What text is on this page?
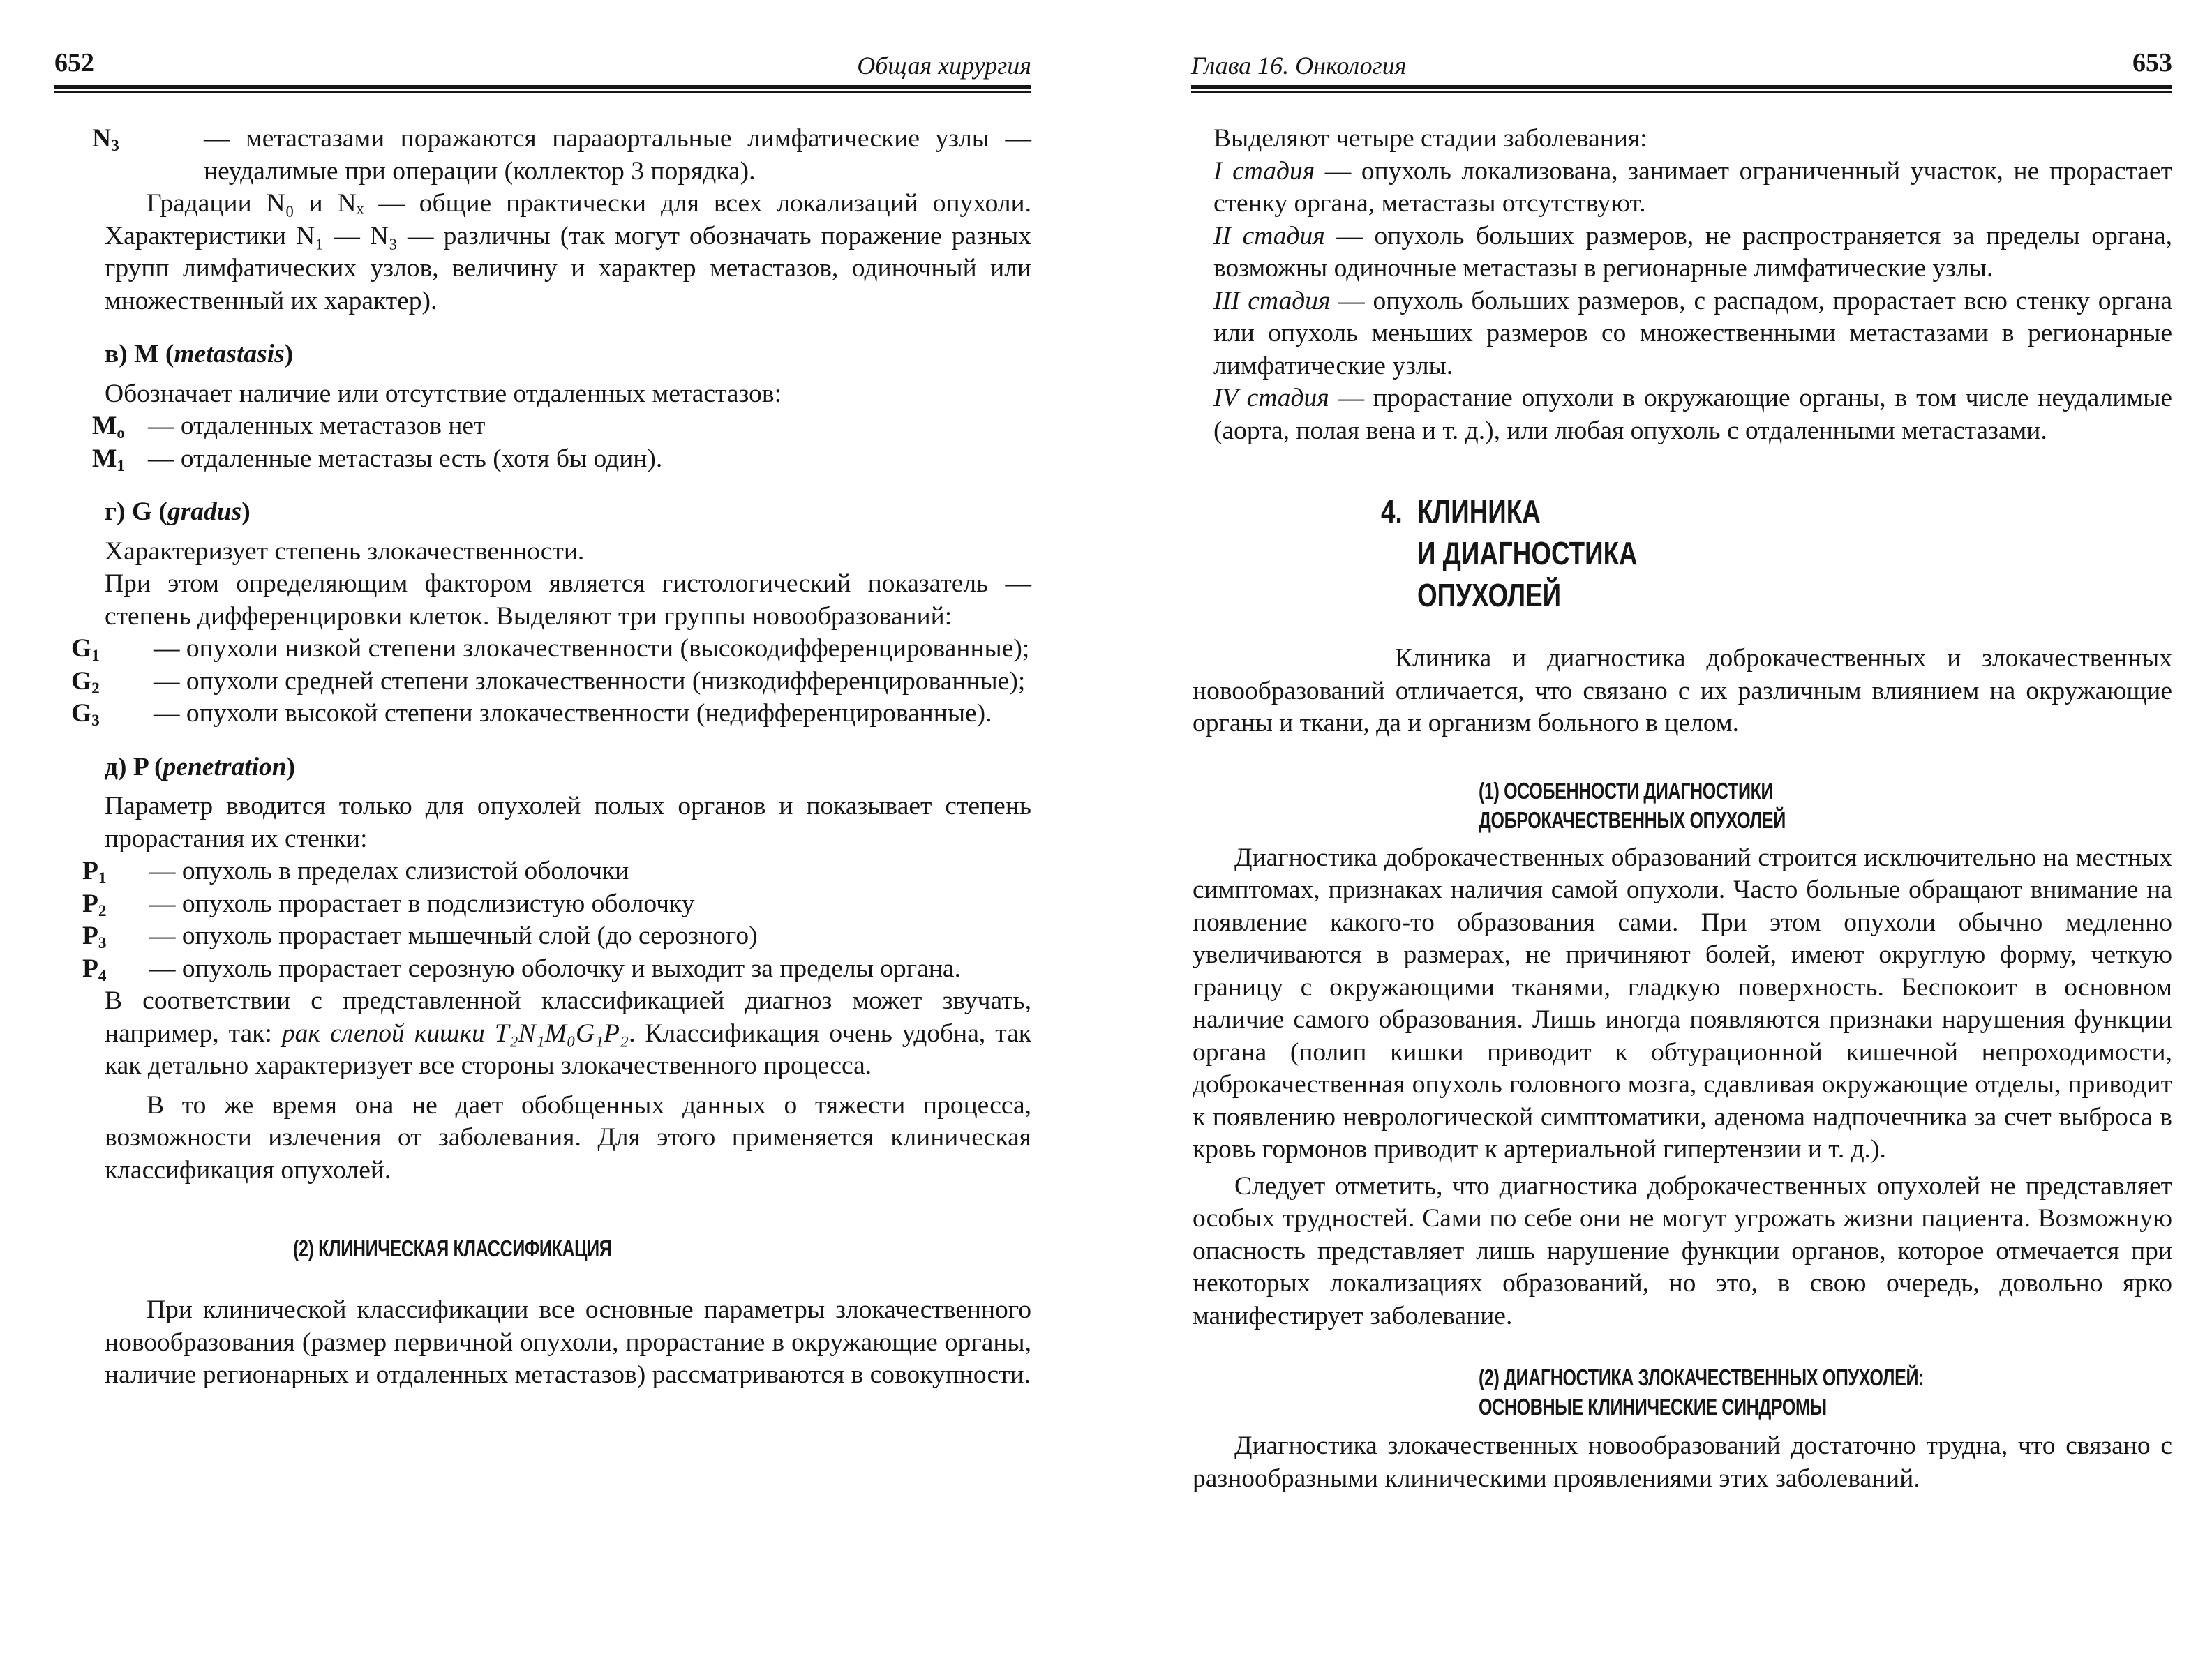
652	Общая хирургия
$N_3$	— метастазами поражаются парааортальные лимфатические узлы — неудалимые при операции (коллектор 3 порядка).

Градации N₀ и Nₓ — общие практически для всех локализаций опухоли. Характеристики N₁ — N₃ — различны (так могут обозначать поражение разных групп лимфатических узлов, величину и характер метастазов, одиночный или множественный их характер).

в) M (metastasis)

Обозначает наличие или отсутствие отдаленных метастазов:

$M_o$ — отдаленных метастазов нет
$M_1$ — отдаленные метастазы есть (хотя бы один).
г) G (gradus)

Характеризует степень злокачественности.

При этом определяющим фактором является гистологический показатель — степень дифференцировки клеток. Выделяют три группы новообразований:

$G_1$	— опухоли низкой степени злокачественности (высокодифференцированные);
$G_2$	— опухоли средней степени злокачественности (низкодифференцированные);
$G_3$	— опухоли высокой степени злокачественности (недифференцированные).
д) P (penetration)

Параметр вводится только для опухолей полых органов и показывает степень прорастания их стенки:

$P_1$	— опухоль в пределах слизистой оболочки
$P_2$	— опухоль прорастает в подслизистую оболочку
$P_3$	— опухоль прорастает мышечный слой (до серозного)
$P_4$	— опухоль прорастает серозную оболочку и выходит за пределы органа.

В соответствии с представленной классификацией диагноз может звучать, например, так: рак слепой кишки T₂N₁M₀G₁P₂. Классификация очень удобна, так как детально характеризует все стороны злокачественного процесса.

В то же время она не дает обобщенных данных о тяжести процесса, возможности излечения от заболевания. Для этого применяется клиническая классификация опухолей.

(2) КЛИНИЧЕСКАЯ КЛАССИФИКАЦИЯ

При клинической классификации все основные параметры злокачественного новообразования (размер первичной опухоли, прорастание в окружающие органы, наличие регионарных и отдаленных метастазов) рассматриваются в совокупности.

Глава 16. Онкология	653

Выделяют четыре стадии заболевания:

I стадия — опухоль локализована, занимает ограниченный участок, не прорастает стенку органа, метастазы отсутствуют.

II стадия — опухоль больших размеров, не распространяется за пределы органа, возможны одиночные метастазы в регионарные лимфатические узлы.

III стадия — опухоль больших размеров, с распадом, прорастает всю стенку органа или опухоль меньших размеров со множественными метастазами в регионарные лимфатические узлы.

IV стадия — прорастание опухоли в окружающие органы, в том числе неудалимые (аорта, полая вена и т. д.), или любая опухоль с отдаленными метастазами.

4. КЛИНИКА
И ДИАГНОСТИКА
ОПУХОЛЕЙ

Клиника и диагностика доброкачественных и злокачественных новообразований отличается, что связано с их различным влиянием на окружающие органы и ткани, да и организм больного в целом.

(1) ОСОБЕННОСТИ ДИАГНОСТИКИ
ДОБРОКАЧЕСТВЕННЫХ ОПУХОЛЕЙ

Диагностика доброкачественных образований строится исключительно на местных симптомах, признаках наличия самой опухоли. Часто больные обращают внимание на появление какого-то образования сами. При этом опухоли обычно медленно увеличиваются в размерах, не причиняют болей, имеют округлую форму, четкую границу с окружающими тканями, гладкую поверхность. Беспокоит в основном наличие самого образования. Лишь иногда появляются признаки нарушения функции органа (полип кишки приводит к обтурационной кишечной непроходимости, доброкачественная опухоль головного мозга, сдавливая окружающие отделы, приводит к появлению неврологической симптоматики, аденома надпочечника за счет выброса в кровь гормонов приводит к артериальной гипертензии и т. д.).

Следует отметить, что диагностика доброкачественных опухолей не представляет особых трудностей. Сами по себе они не могут угрожать жизни пациента. Возможную опасность представляет лишь нарушение функции органов, которое отмечается при некоторых локализациях образований, но это, в свою очередь, довольно ярко манифестирует заболевание.

(2) ДИАГНОСТИКА ЗЛОКАЧЕСТВЕННЫХ ОПУХОЛЕЙ:
ОСНОВНЫЕ КЛИНИЧЕСКИЕ СИНДРОМЫ

Диагностика злокачественных новообразований достаточно трудна, что связано с разнообразными клиническими проявлениями этих заболеваний.
